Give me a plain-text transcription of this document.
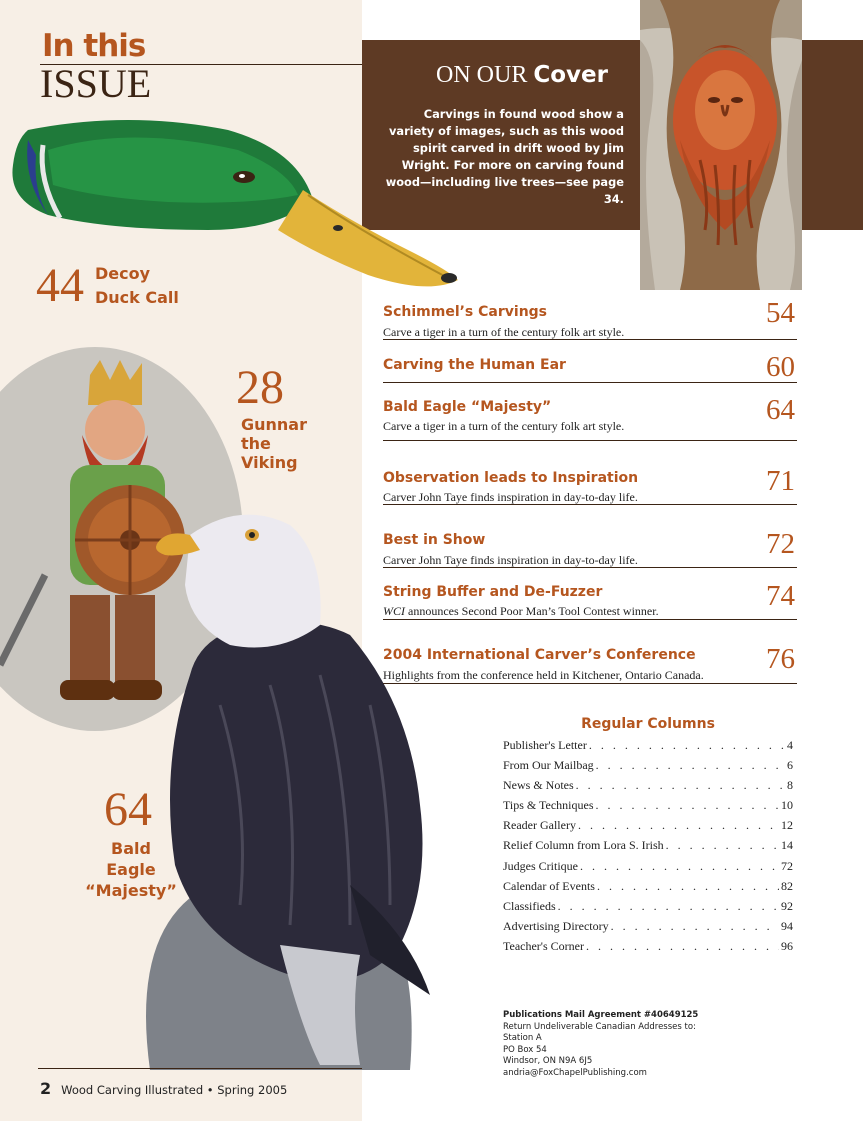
In this
ISSUE	ON OUR Cover
Carvings in found wood show a variety of images, such as this wood spirit carved in drift wood by Jim Wright. For more on carving found wood—including live trees—see page 34.
44 Decoy
Duck Call
28
Gunnar
the
Viking
64
Bald
Eagle
“Majesty”
Schimmel’s Carvings
Carve a tiger in a turn of the century folk art style.
54
Carving the Human Ear	60
Bald Eagle “Majesty”
Carve a tiger in a turn of the century folk art style.	64
Observation leads to Inspiration
Carver John Taye finds inspiration in day-to-day life.	71
Best in Show
Carver John Taye finds inspiration in day-to-day life.	72
String Buffer and De-Fuzzer
WCI announces Second Poor Man’s Tool Contest winner.	74
2004 International Carver’s Conference
Highlights from the conference held in Kitchener, Ontario Canada. 76
Regular Columns
Publisher's Letter . . .	4
From Our Mailbag . . .	6
News & Notes . . .	8
Tips & Techniques . . .	10
Reader Gallery . . .	12
Relief Column from Lora S. Irish . . .	14
Judges Critique . . .	72
Calendar of Events . . .	82
Classifieds . . .	92
Advertising Directory . . .	94
Teacher's Corner . . .	96
Publications Mail Agreement #40649125
Return Undeliverable Canadian Addresses to:
Station A
PO Box 54
Windsor, ON N9A 6J5
andria@FoxChapelPublishing.com
2 Wood Carving Illustrated • Spring 2005
